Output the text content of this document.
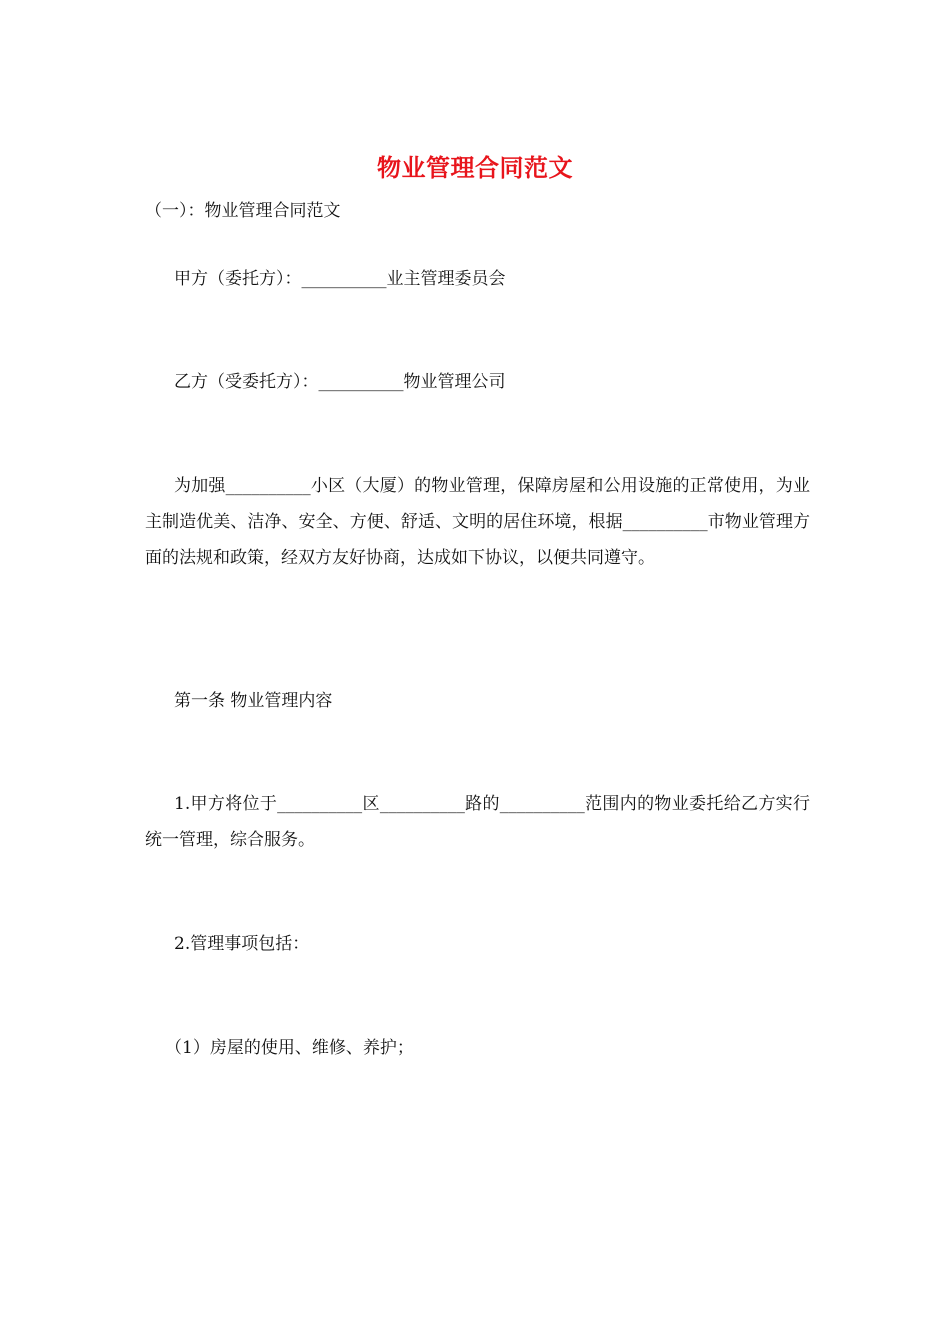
物业管理合同范文
（一）：物业管理合同范文
甲方（委托方）：__________业主管理委员会
乙方（受委托方）：__________物业管理公司
为加强__________小区（大厦）的物业管理，保障房屋和公用设施的正常使用，为业主制造优美、洁净、安全、方便、舒适、文明的居住环境，根据__________市物业管理方面的法规和政策，经双方友好协商，达成如下协议，以便共同遵守。
第一条 物业管理内容
1.甲方将位于__________区__________路的__________范围内的物业委托给乙方实行统一管理，综合服务。
2.管理事项包括：
（1）房屋的使用、维修、养护；
